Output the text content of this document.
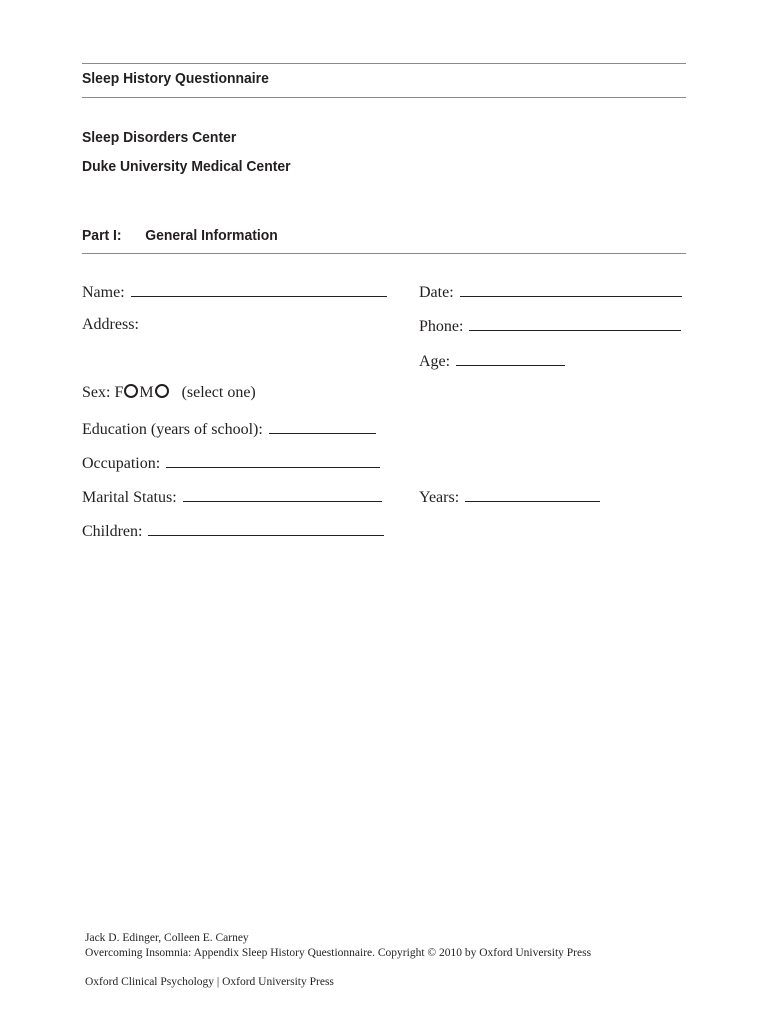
Sleep History Questionnaire
Sleep Disorders Center
Duke University Medical Center
Part I: General Information
Name:
Address:
Sex: F M (select one)
Education (years of school):
Occupation:
Marital Status:
Children:
Date:
Phone:
Age:
Years:
Jack D. Edinger, Colleen E. Carney
Overcoming Insomnia: Appendix Sleep History Questionnaire. Copyright © 2010 by Oxford University Press
Oxford Clinical Psychology | Oxford University Press
